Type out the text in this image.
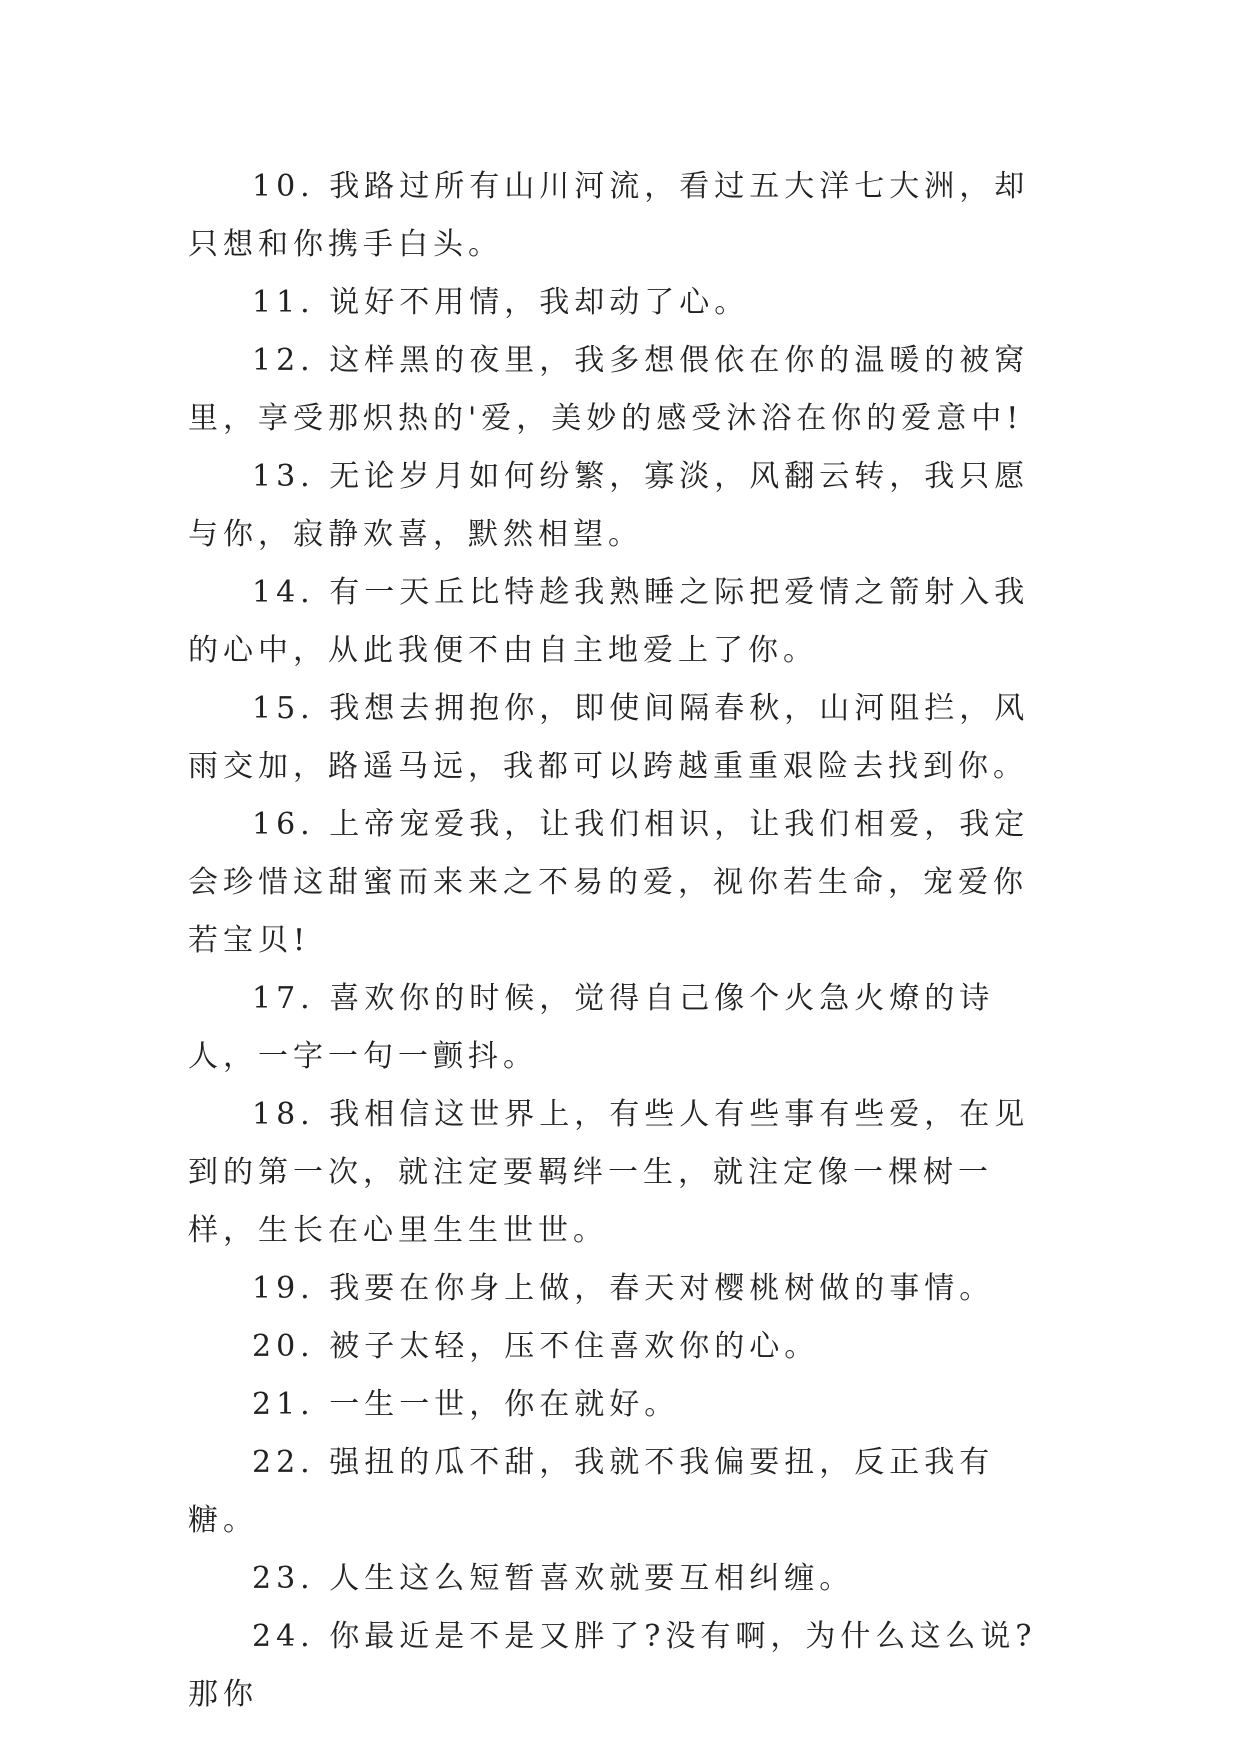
10. 我路过所有山川河流，看过五大洋七大洲，却只想和你携手白头。

11. 说好不用情，我却动了心。

12. 这样黑的夜里，我多想偎依在你的温暖的被窝里，享受那炽热的'爱，美妙的感受沐浴在你的爱意中!

13. 无论岁月如何纷繁，寡淡，风翻云转，我只愿与你，寂静欢喜，默然相望。

14. 有一天丘比特趁我熟睡之际把爱情之箭射入我的心中，从此我便不由自主地爱上了你。

15. 我想去拥抱你，即使间隔春秋，山河阻拦，风雨交加，路遥马远，我都可以跨越重重艰险去找到你。

16. 上帝宠爱我，让我们相识，让我们相爱，我定会珍惜这甜蜜而来来之不易的爱，视你若生命，宠爱你若宝贝!

17. 喜欢你的时候，觉得自己像个火急火燎的诗人，一字一句一颤抖。

18. 我相信这世界上，有些人有些事有些爱，在见到的第一次，就注定要羁绊一生，就注定像一棵树一样，生长在心里生生世世。

19. 我要在你身上做，春天对樱桃树做的事情。

20. 被子太轻，压不住喜欢你的心。

21. 一生一世，你在就好。

22. 强扭的瓜不甜，我就不我偏要扭，反正我有糖。

23. 人生这么短暂喜欢就要互相纠缠。

24. 你最近是不是又胖了?没有啊，为什么这么说?那你
